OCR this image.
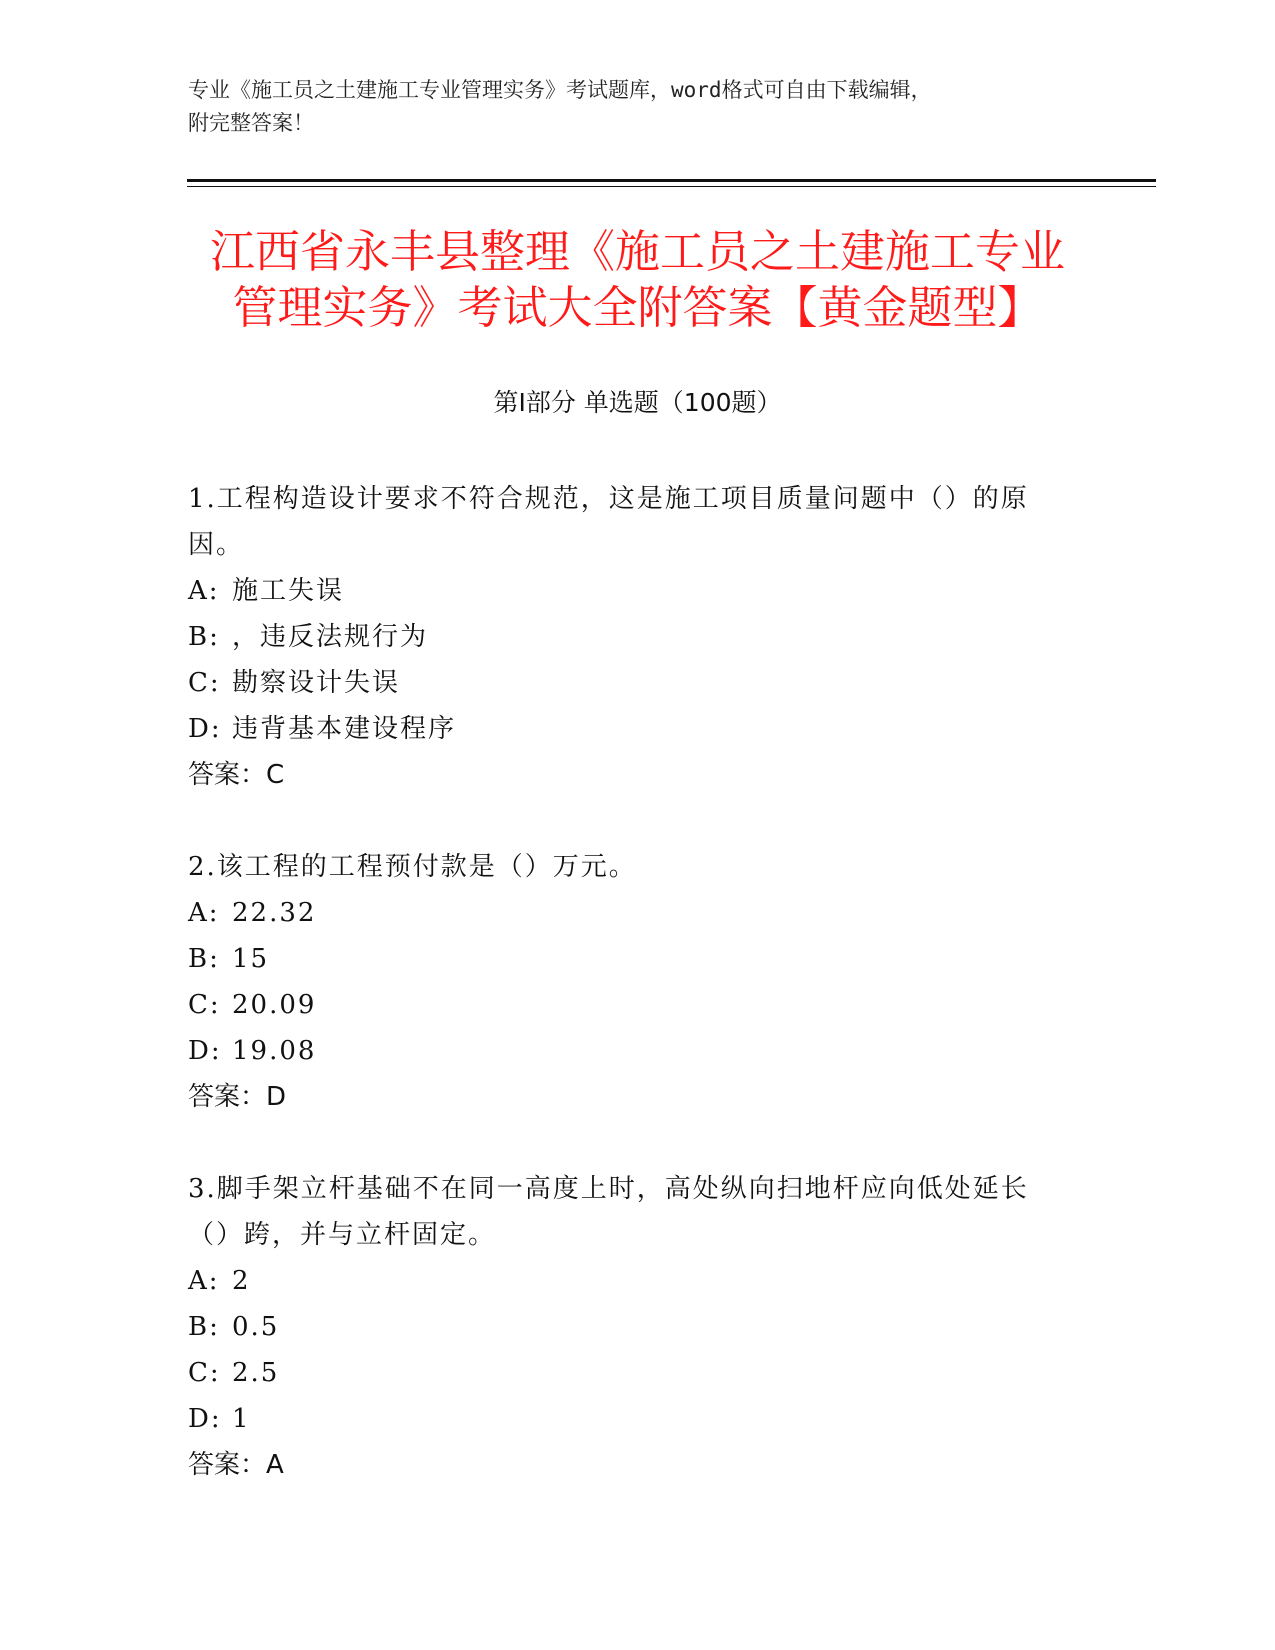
专业《施工员之土建施工专业管理实务》考试题库，word格式可自由下载编辑，
附完整答案！
江西省永丰县整理《施工员之土建施工专业
管理实务》考试大全附答案【黄金题型】
第Ⅰ部分 单选题（100题）
1.工程构造设计要求不符合规范，这是施工项目质量问题中（）的原因。
A: 施工失误
B: ，违反法规行为
C: 勘察设计失误
D: 违背基本建设程序
答案：C
2.该工程的工程预付款是（）万元。
A: 22.32
B: 15
C: 20.09
D: 19.08
答案：D
3.脚手架立杆基础不在同一高度上时，高处纵向扫地杆应向低处延长（）跨，并与立杆固定。
A: 2
B: 0.5
C: 2.5
D: 1
答案：A
